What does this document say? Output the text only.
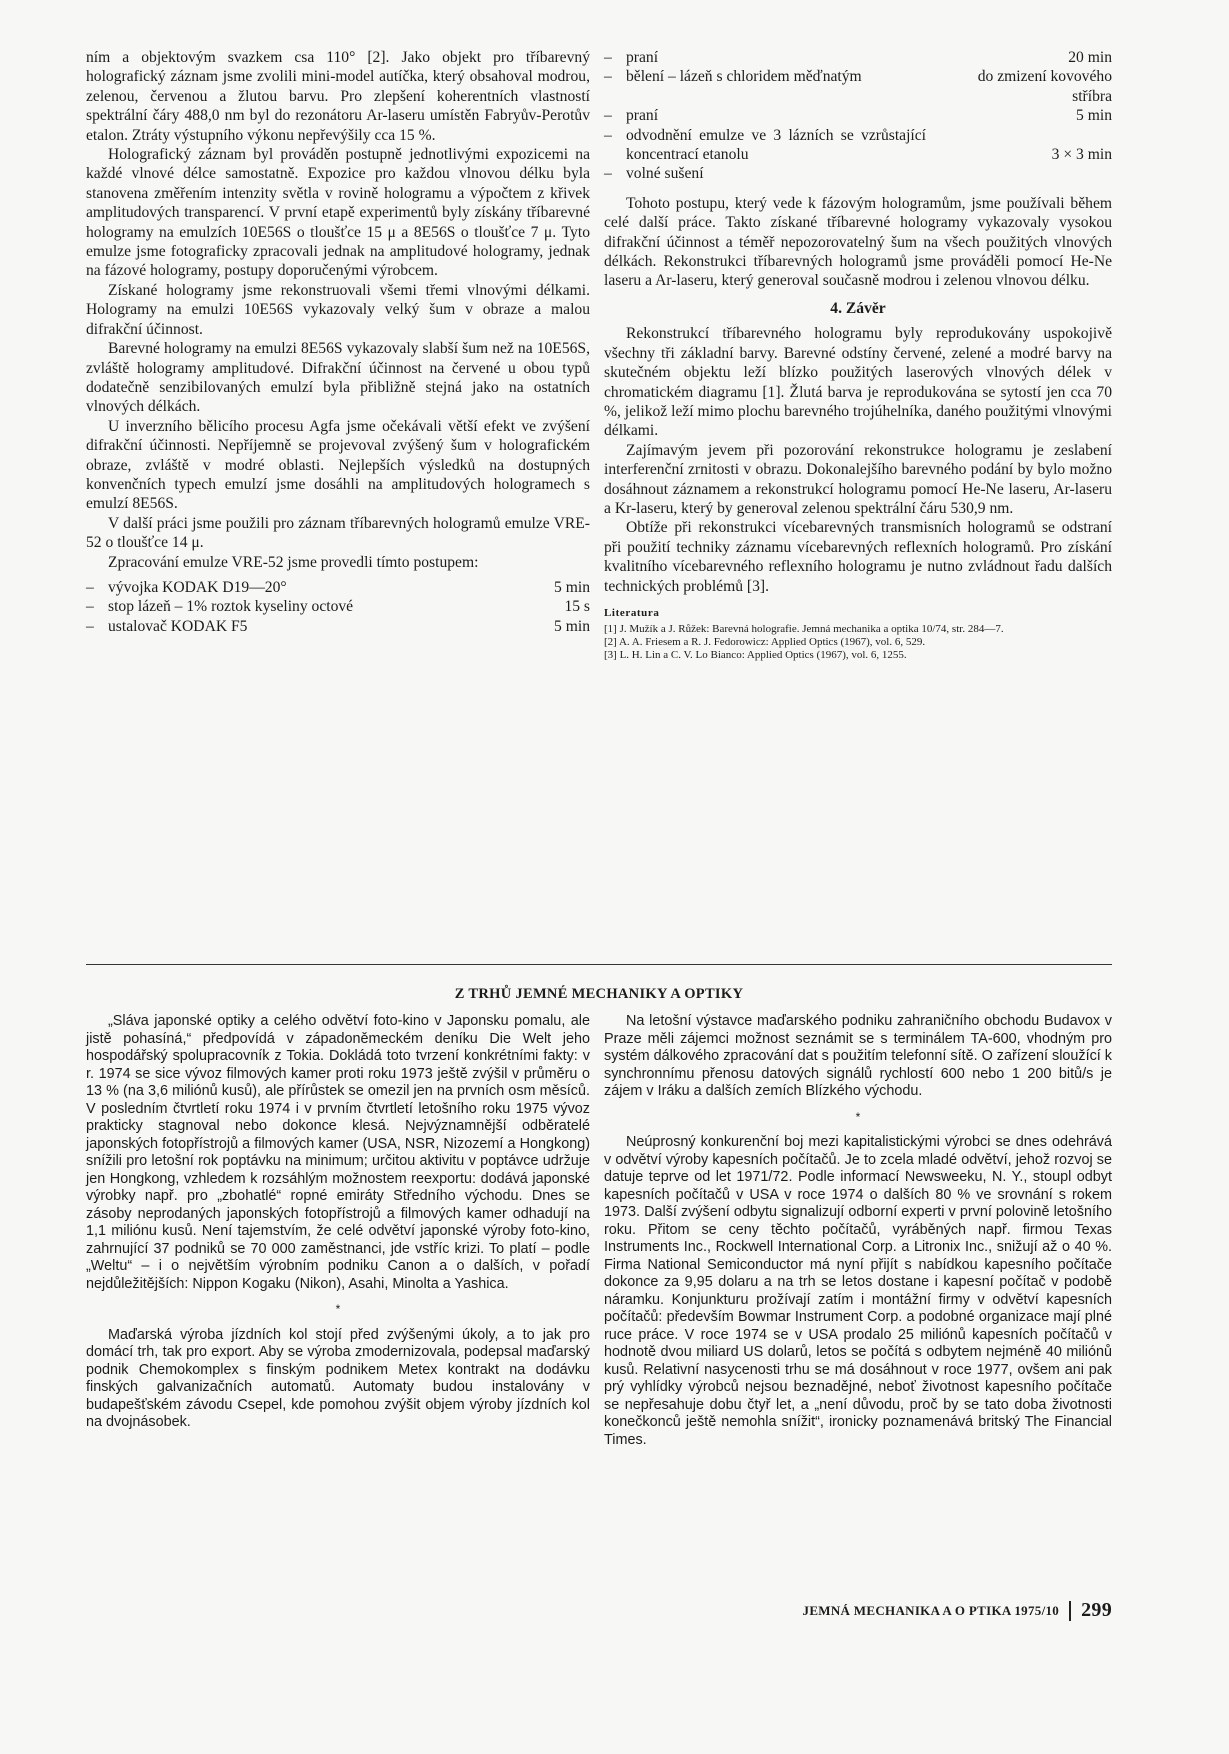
ním a objektovým svazkem csa 110° [2]. Jako objekt pro tříbarevný holografický záznam jsme zvolili mini-model autíčka, který obsahoval modrou, zelenou, červenou a žlutou barvu. Pro zlepšení koherentních vlastností spektrální čáry 488,0 nm byl do rezonátoru Ar-laseru umístěn Fabryův-Perotův etalon. Ztráty výstupního výkonu nepřevýšily cca 15 %.

Holografický záznam byl prováděn postupně jednotlivými expozicemi na každé vlnové délce samostatně. Expozice pro každou vlnovou délku byla stanovena změřením intenzity světla v rovině hologramu a výpočtem z křivek amplitudových transparencí. V první etapě experimentů byly získány tříbarevné hologramy na emulzích 10E56S o tloušťce 15 μ a 8E56S o tloušťce 7 μ. Tyto emulze jsme fotograficky zpracovali jednak na amplitudové hologramy, jednak na fázové hologramy, postupy doporučenými výrobcem.

Získané hologramy jsme rekonstruovali všemi třemi vlnovými délkami. Hologramy na emulzi 10E56S vykazovaly velký šum v obraze a malou difrakční účinnost.

Barevné hologramy na emulzi 8E56S vykazovaly slabší šum než na 10E56S, zvláště hologramy amplitudové. Difrakční účinnost na červené u obou typů dodatečně senzibilovaných emulzí byla přibližně stejná jako na ostatních vlnových délkách.

U inverzního bělicího procesu Agfa jsme očekávali větší efekt ve zvýšení difrakční účinnosti. Nepříjemně se projevoval zvýšený šum v holografickém obraze, zvláště v modré oblasti. Nejlepších výsledků na dostupných konvenčních typech emulzí jsme dosáhli na amplitudových hologramech s emulzí 8E56S.

V další práci jsme použili pro záznam tříbarevných hologramů emulze VRE-52 o tloušťce 14 μ.

Zpracování emulze VRE-52 jsme provedli tímto postupem:

– vývojka KODAK D19—20°	5 min
– stop lázeň – 1% roztok kyseliny octové	15 s
– ustalovač KODAK F5	5 min
– praní	20 min
– bělení – lázeň s chloridem měďnatým	do zmizení kovového stříbra
– praní	5 min
– odvodnění emulze ve 3 lázních se vzrůstající koncentrací etanolu	3 × 3 min
– volné sušení

Tohoto postupu, který vede k fázovým hologramům, jsme používali během celé další práce. Takto získané tříbarevné hologramy vykazovaly vysokou difrakční účinnost a téměř nepozorovatelný šum na všech použitých vlnových délkách. Rekonstrukci tříbarevných hologramů jsme prováděli pomocí He-Ne laseru a Ar-laseru, který generoval současně modrou i zelenou vlnovou délku.

4. Závěr

Rekonstrukcí tříbarevného hologramu byly reprodukovány uspokojivě všechny tři základní barvy. Barevné odstíny červené, zelené a modré barvy na skutečném objektu leží blízko použitých laserových vlnových délek v chromatickém diagramu [1]. Žlutá barva je reprodukována se sytostí jen cca 70 %, jelikož leží mimo plochu barevného trojúhelníka, daného použitými vlnovými délkami.

Zajímavým jevem při pozorování rekonstrukce hologramu je zeslabení interferenční zrnitosti v obrazu. Dokonalejšího barevného podání by bylo možno dosáhnout záznamem a rekonstrukcí hologramu pomocí He-Ne laseru, Ar-laseru a Kr-laseru, který by generoval zelenou spektrální čáru 530,9 nm.

Obtíže při rekonstrukci vícebarevných transmisních hologramů se odstraní při použití techniky záznamu vícebarevných reflexních hologramů. Pro získání kvalitního vícebarevného reflexního hologramu je nutno zvládnout řadu dalších technických problémů [3].

Literatura
[1] J. Mužík a J. Růžek: Barevná holografie. Jemná mechanika a optika 10/74, str. 284—7.
[2] A. A. Friesem a R. J. Fedorowicz: Applied Optics (1967), vol. 6, 529.
[3] L. H. Lin a C. V. Lo Bianco: Applied Optics (1967), vol. 6, 1255.
Z TRHŮ JEMNÉ MECHANIKY A OPTIKY

„Sláva japonské optiky a celého odvětví foto-kino v Japonsku pomalu, ale jistě pohasíná,“ předpovídá v západoněmeckém deníku Die Welt jeho hospodářský spolupracovník z Tokia. Dokládá toto tvrzení konkrétními fakty: v r. 1974 se sice vývoz filmových kamer proti roku 1973 ještě zvýšil v průměru o 13 % (na 3,6 miliónů kusů), ale přírůstek se omezil jen na prvních osm měsíců. V posledním čtvrtletí roku 1974 i v prvním čtvrtletí letošního roku 1975 vývoz prakticky stagnoval nebo dokonce klesá. Nejvýznamnější odběratelé japonských fotopřístrojů a filmových kamer (USA, NSR, Nizozemí a Hongkong) snížili pro letošní rok poptávku na minimum; určitou aktivitu v poptávce udržuje jen Hongkong, vzhledem k rozsáhlým možnostem reexportu: dodává japonské výrobky např. pro „zbohatlé“ ropné emiráty Středního východu. Dnes se zásoby neprodaných japonských fotopřístrojů a filmových kamer odhadují na 1,1 miliónu kusů. Není tajemstvím, že celé odvětví japonské výroby foto-kino, zahrnující 37 podniků se 70 000 zaměstnanci, jde vstříc krizi. To platí – podle „Weltu“ – i o největším výrobním podniku Canon a o dalších, v pořadí nejdůležitějších: Nippon Kogaku (Nikon), Asahi, Minolta a Yashica.

*

Maďarská výroba jízdních kol stojí před zvýšenými úkoly, a to jak pro domácí trh, tak pro export. Aby se výroba zmodernizovala, podepsal maďarský podnik Chemokomplex s finským podnikem Metex kontrakt na dodávku finských galvanizačních automatů. Automaty budou instalovány v budapešťském závodu Csepel, kde pomohou zvýšit objem výroby jízdních kol na dvojnásobek.

Na letošní výstavce maďarského podniku zahraničního obchodu Budavox v Praze měli zájemci možnost seznámit se s terminálem TA-600, vhodným pro systém dálkového zpracování dat s použitím telefonní sítě. O zařízení sloužící k synchronnímu přenosu datových signálů rychlostí 600 nebo 1 200 bitů/s je zájem v Iráku a dalších zemích Blízkého východu.

*

Neúprosný konkurenční boj mezi kapitalistickými výrobci se dnes odehrává v odvětví výroby kapesních počítačů. Je to zcela mladé odvětví, jehož rozvoj se datuje teprve od let 1971/72. Podle informací Newsweeku, N. Y., stoupl odbyt kapesních počítačů v USA v roce 1974 o dalších 80 % ve srovnání s rokem 1973. Další zvýšení odbytu signalizují odborní experti v první polovině letošního roku. Přitom se ceny těchto počítačů, vyráběných např. firmou Texas Instruments Inc., Rockwell International Corp. a Litronix Inc., snižují až o 40 %. Firma National Semiconductor má nyní přijít s nabídkou kapesního počítače dokonce za 9,95 dolaru a na trh se letos dostane i kapesní počítač v podobě náramku. Konjunkturu prožívají zatím i montážní firmy v odvětví kapesních počítačů: především Bowmar Instrument Corp. a podobné organizace mají plné ruce práce. V roce 1974 se v USA prodalo 25 miliónů kapesních počítačů v hodnotě dvou miliard US dolarů, letos se počítá s odbytem nejméně 40 miliónů kusů. Relativní nasycenosti trhu se má dosáhnout v roce 1977, ovšem ani pak prý vyhlídky výrobců nejsou beznadějné, neboť životnost kapesního počítače se nepřesahuje dobu čtyř let, a „není důvodu, proč by se tato doba životnosti konečkonců ještě nemohla snížit“, ironicky poznamenává britský The Financial Times.

JEMNÁ MECHANIKA A O PTIKA 1975/10 299
